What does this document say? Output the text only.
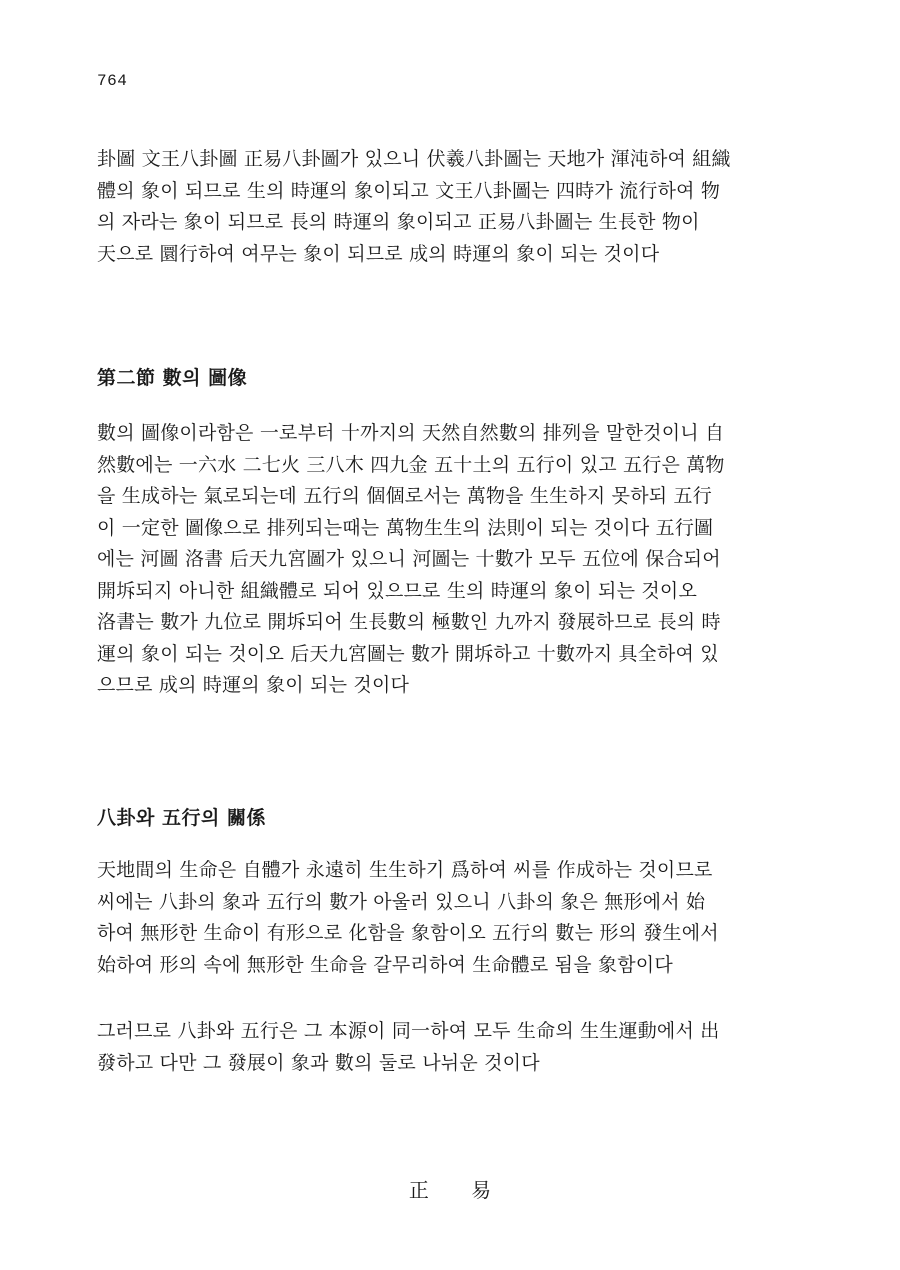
764
卦圖 文王八卦圖 正易八卦圖가 있으니 伏羲八卦圖는 天地가 渾沌하여 組織
體의 象이 되므로 生의 時運의 象이되고 文王八卦圖는 四時가 流行하여 物
의 자라는 象이 되므로 長의 時運의 象이되고 正易八卦圖는 生長한 物이
天으로 圜行하여 여무는 象이 되므로 成의 時運의 象이 되는 것이다
第二節 數의 圖像
數의 圖像이라함은 一로부터 十까지의 天然自然數의 排列을 말한것이니 自
然數에는 一六水 二七火 三八木 四九金 五十土의 五行이 있고 五行은 萬物
을 生成하는 氣로되는데 五行의 個個로서는 萬物을 生生하지 못하되 五行
이 一定한 圖像으로 排列되는때는 萬物生生의 法則이 되는 것이다 五行圖
에는 河圖 洛書 后天九宮圖가 있으니 河圖는 十數가 모두 五位에 保合되어
開坼되지 아니한 組織體로 되어 있으므로 生의 時運의 象이 되는 것이오
洛書는 數가 九位로 開坼되어 生長數의 極數인 九까지 發展하므로 長의 時
運의 象이 되는 것이오 后天九宮圖는 數가 開坼하고 十數까지 具全하여 있
으므로 成의 時運의 象이 되는 것이다
八卦와 五行의 關係
天地間의 生命은 自體가 永遠히 生生하기 爲하여 씨를 作成하는 것이므로
씨에는 八卦의 象과 五行의 數가 아울러 있으니 八卦의 象은 無形에서 始
하여 無形한 生命이 有形으로 化함을 象함이오 五行의 數는 形의 發生에서
始하여 形의 속에 無形한 生命을 갈무리하여 生命體로 됨을 象함이다
그러므로 八卦와 五行은 그 本源이 同一하여 모두 生命의 生生運動에서 出
發하고 다만 그 發展이 象과 數의 둘로 나뉘운 것이다
正 易
